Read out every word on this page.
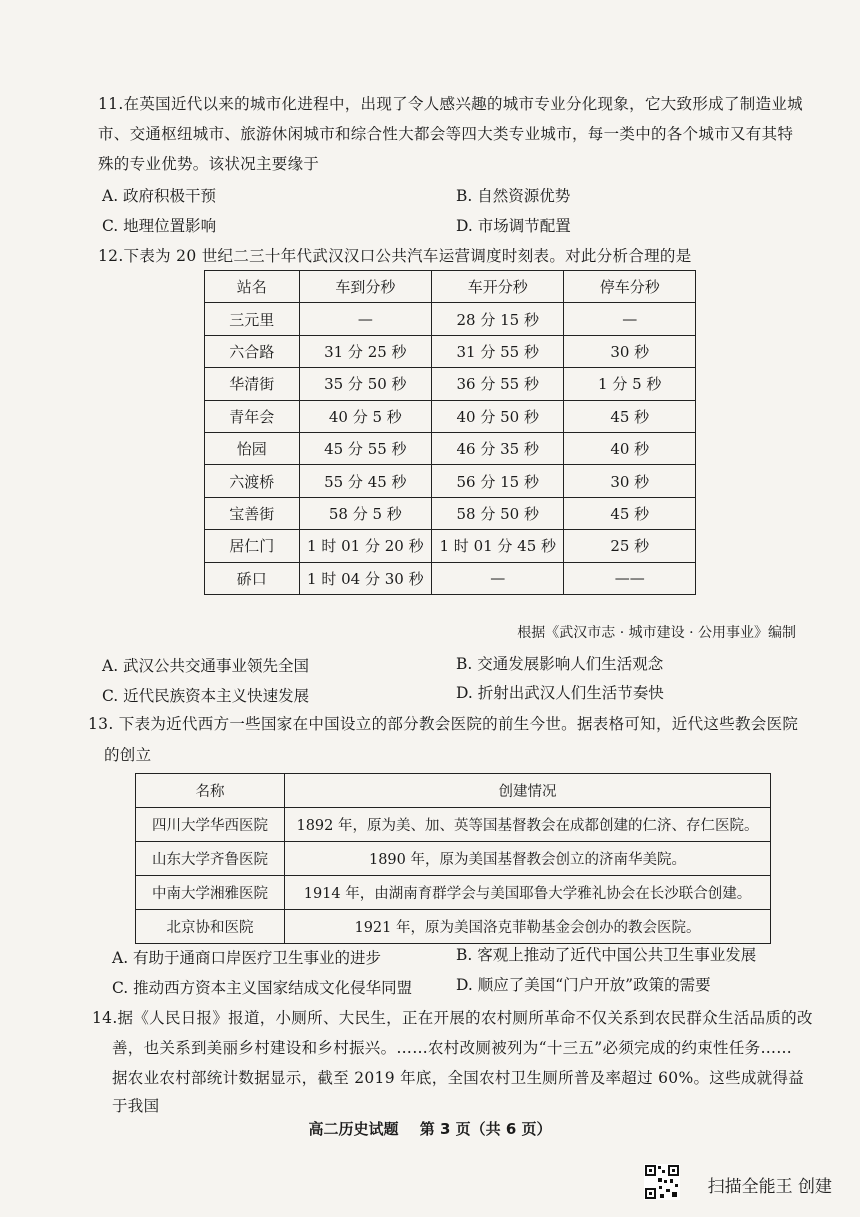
11.在英国近代以来的城市化进程中，出现了令人感兴趣的城市专业分化现象，它大致形成了制造业城
市、交通枢纽城市、旅游休闲城市和综合性大都会等四大类专业城市，每一类中的各个城市又有其特
殊的专业优势。该状况主要缘于
A. 政府积极干预	B. 自然资源优势
C. 地理位置影响	D. 市场调节配置
12.下表为 20 世纪二三十年代武汉汉口公共汽车运营调度时刻表。对此分析合理的是
站名	车到分秒	车开分秒	停车分秒
三元里	—	28 分 15 秒	—
六合路	31 分 25 秒	31 分 55 秒	30 秒
华清街	35 分 50 秒	36 分 55 秒	1 分 5 秒
青年会	40 分 5 秒	40 分 50 秒	45 秒
怡园	45 分 55 秒	46 分 35 秒	40 秒
六渡桥	55 分 45 秒	56 分 15 秒	30 秒
宝善街	58 分 5 秒	58 分 50 秒	45 秒
居仁门	1 时 01 分 20 秒	1 时 01 分 45 秒	25 秒
硚口	1 时 04 分 30 秒	—	——
根据《武汉市志 · 城市建设 · 公用事业》编制
A. 武汉公共交通事业领先全国	B. 交通发展影响人们生活观念
C. 近代民族资本主义快速发展	D. 折射出武汉人们生活节奏快
13. 下表为近代西方一些国家在中国设立的部分教会医院的前生今世。据表格可知，近代这些教会医院
的创立
名称	创建情况
四川大学华西医院	1892 年，原为美、加、英等国基督教会在成都创建的仁济、存仁医院。
山东大学齐鲁医院	1890 年，原为美国基督教会创立的济南华美院。
中南大学湘雅医院	1914 年，由湖南育群学会与美国耶鲁大学雅礼协会在长沙联合创建。
北京协和医院	1921 年，原为美国洛克菲勒基金会创办的教会医院。
A. 有助于通商口岸医疗卫生事业的进步	B. 客观上推动了近代中国公共卫生事业发展
C. 推动西方资本主义国家结成文化侵华同盟	D. 顺应了美国“门户开放”政策的需要
14.据《人民日报》报道，小厕所、大民生，正在开展的农村厕所革命不仅关系到农民群众生活品质的改
善，也关系到美丽乡村建设和乡村振兴。……农村改厕被列为“十三五”必须完成的约束性任务……
据农业农村部统计数据显示，截至 2019 年底，全国农村卫生厕所普及率超过 60%。这些成就得益
于我国
高二历史试题 第 3 页（共 6 页）
扫描全能王 创建
